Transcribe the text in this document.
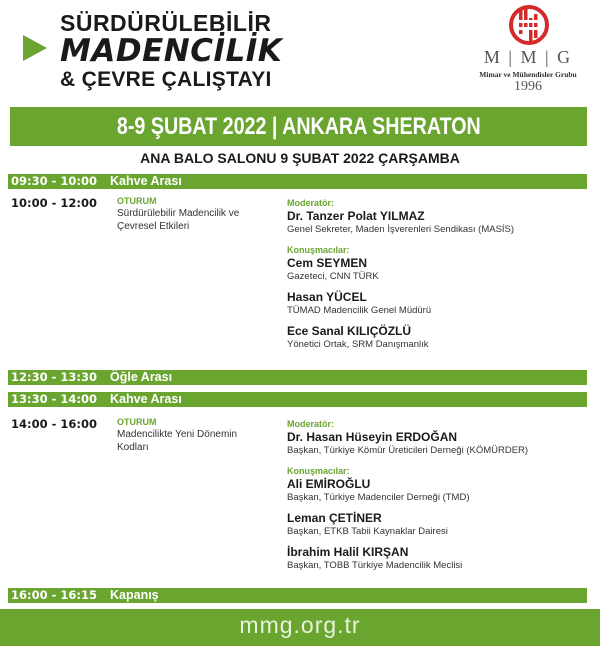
SÜRDÜRÜLEBİLİR
MADENCİLİK
& ÇEVRE ÇALIŞTAYI
M | M | G
Mimar ve Mühendisler Grubu
1996
8-9 ŞUBAT 2022 | ANKARA SHERATON
ANA BALO SALONU 9 ŞUBAT 2022 ÇARŞAMBA
09:30 - 10:00 Kahve Arası
10:00 - 12:00 OTURUM
Sürdürülebilir Madencilik ve Çevresel Etkileri
Moderatör:
Dr. Tanzer Polat YILMAZ
Genel Sekreter, Maden İşverenleri Sendikası (MASİS)
Konuşmacılar:
Cem SEYMEN
Gazeteci, CNN TÜRK
Hasan YÜCEL
TÜMAD Madencilik Genel Müdürü
Ece Sanal KILIÇÖZLÜ
Yönetici Ortak, SRM Danışmanlık
12:30 - 13:30 Öğle Arası
13:30 - 14:00 Kahve Arası
14:00 - 16:00 OTURUM
Madencilikte Yeni Dönemin Kodları
Moderatör:
Dr. Hasan Hüseyin ERDOĞAN
Başkan, Türkiye Kömür Üreticileri Derneği (KÖMÜRDER)
Konuşmacılar:
Ali EMİROĞLU
Başkan, Türkiye Madenciler Derneği (TMD)
Leman ÇETİNER
Başkan, ETKB Tabii Kaynaklar Dairesi
İbrahim Halil KIRŞAN
Başkan, TOBB Türkiye Madencilik Meclisi
16:00 - 16:15 Kapanış
mmg.org.tr
